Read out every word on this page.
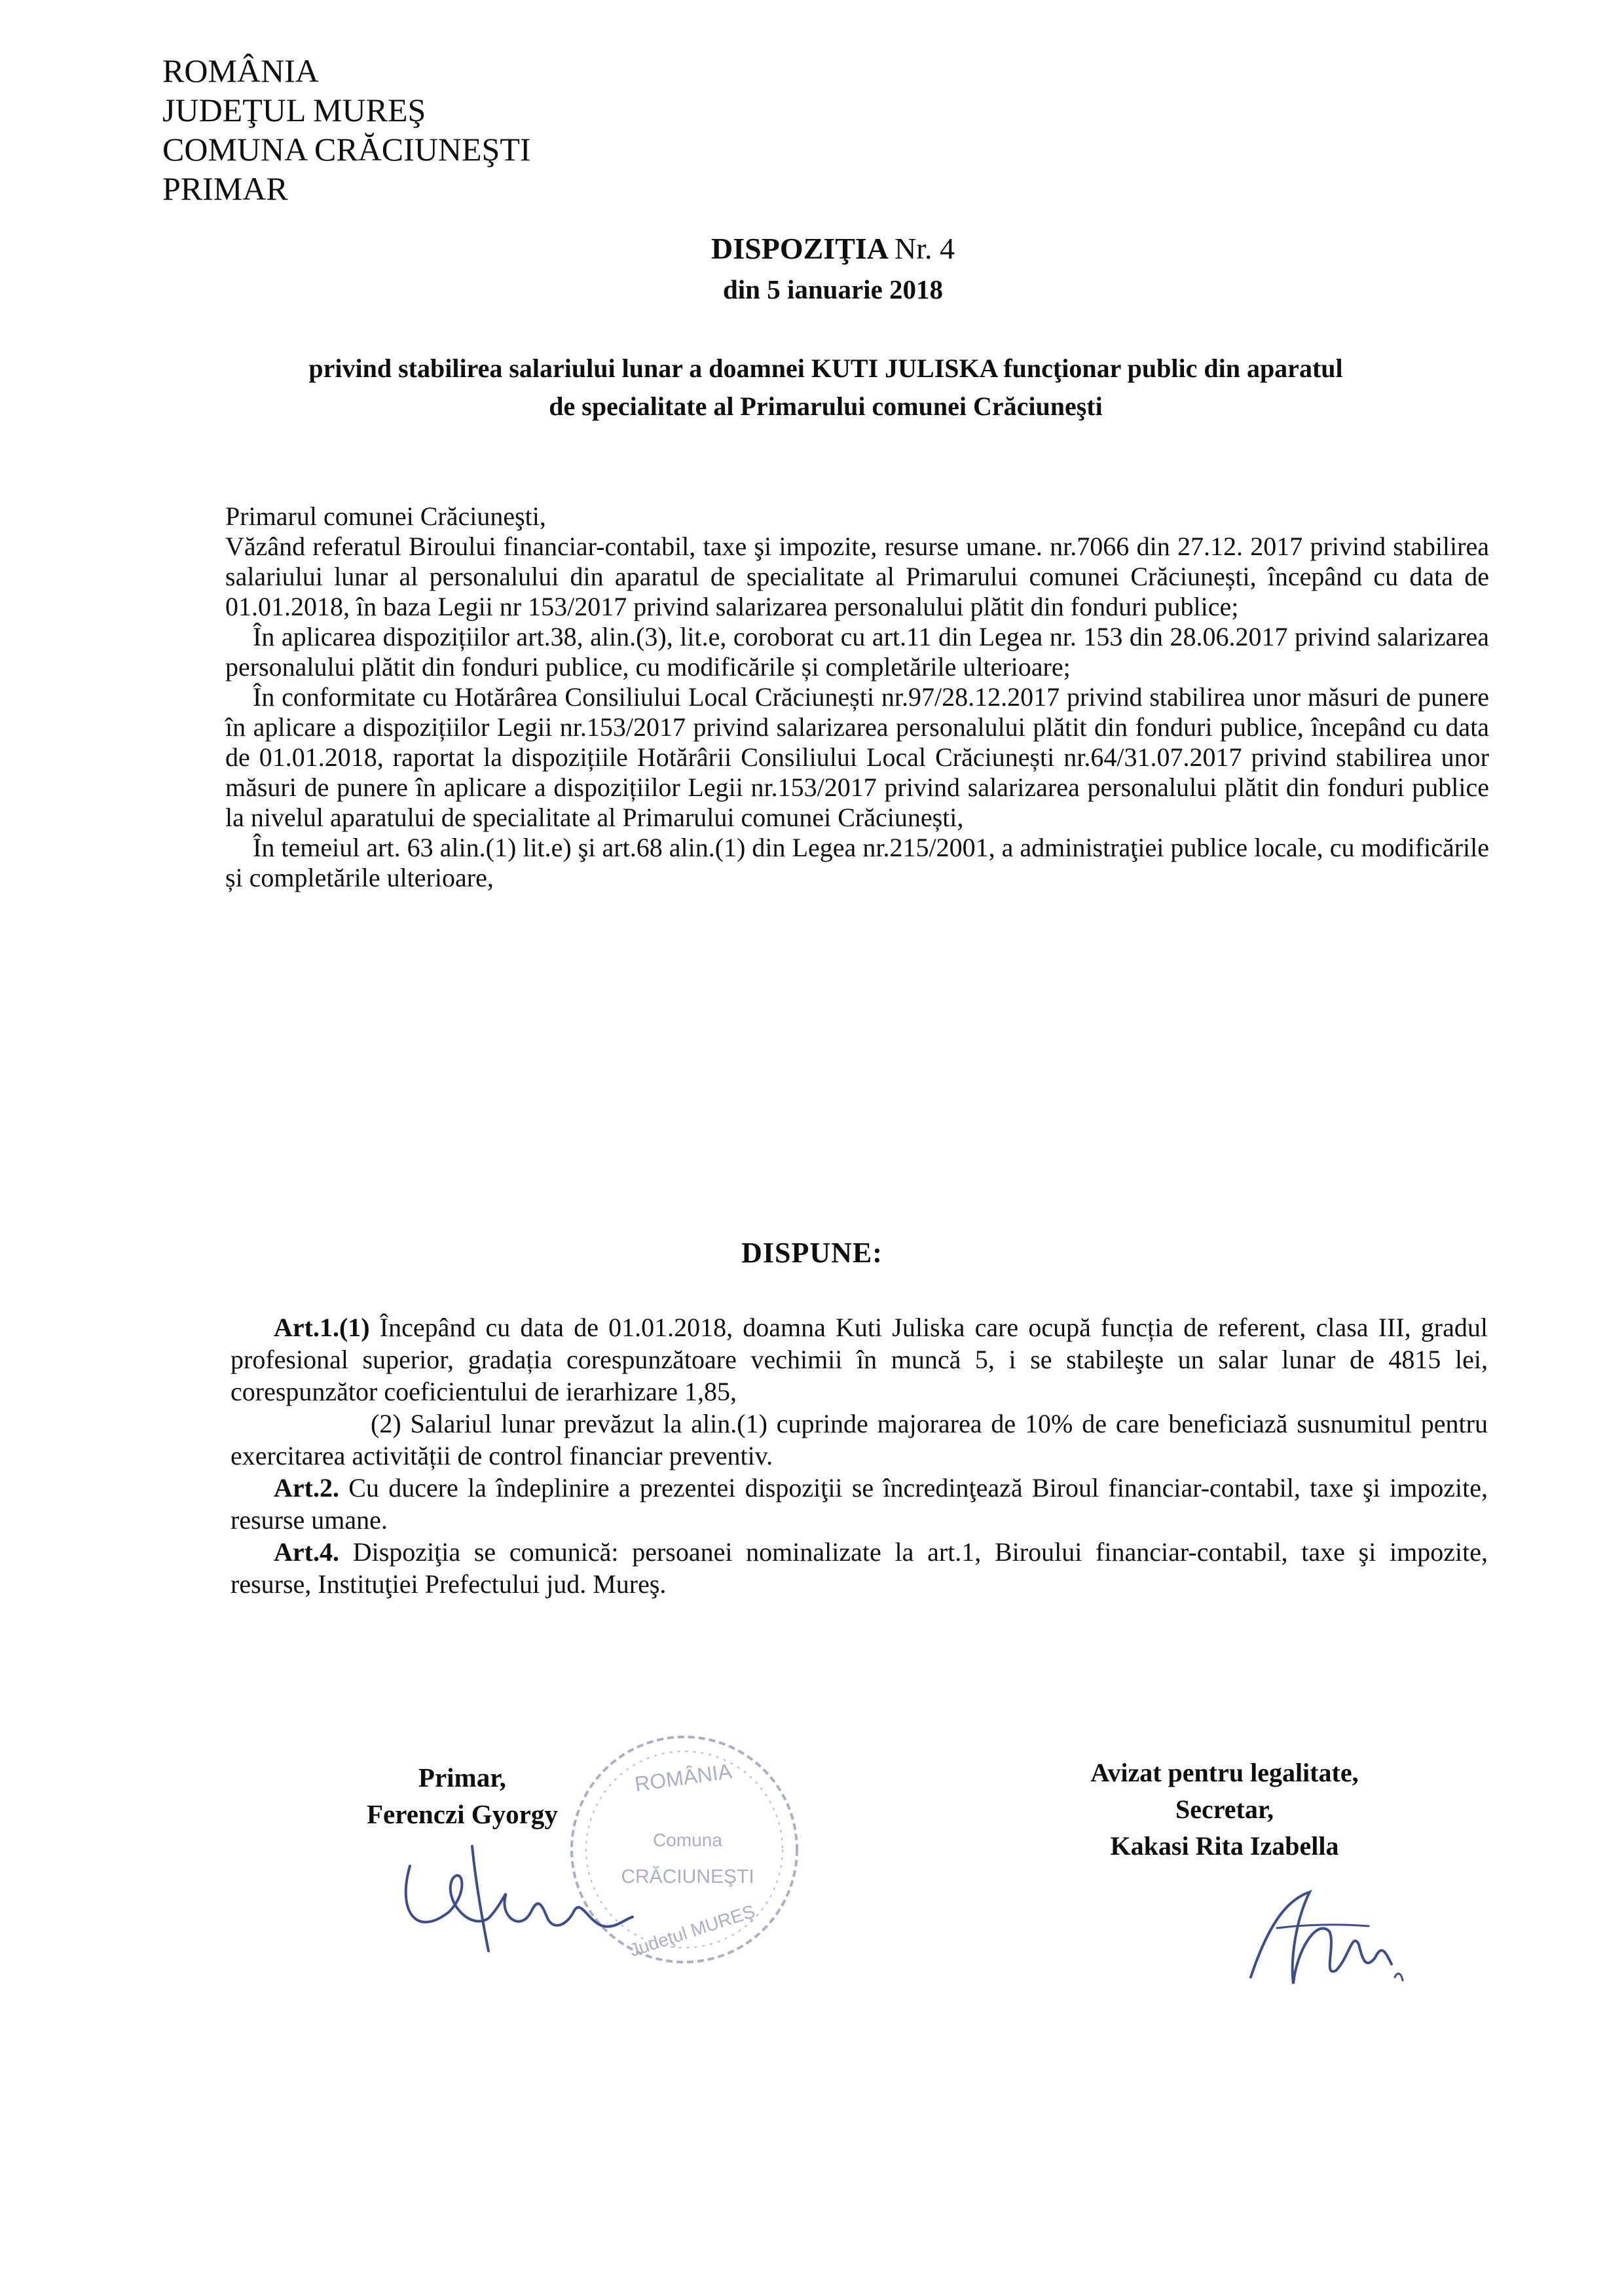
ROMÂNIA
JUDEŢUL MUREŞ
COMUNA CRĂCIUNEŞTI
PRIMAR
DISPOZIŢIA Nr. 4
din 5 ianuarie 2018
privind stabilirea salariului lunar a doamnei KUTI JULISKA funcţionar public din aparatul
de specialitate al Primarului comunei Crăciuneşti

Primarul comunei Crăciuneşti,

Văzând referatul Biroului financiar-contabil, taxe şi impozite, resurse umane. nr.7066 din 27.12. 2017 privind stabilirea salariului lunar al personalului din aparatul de specialitate al Primarului comunei Crăciunești, începând cu data de 01.01.2018, în baza Legii nr 153/2017 privind salarizarea personalului plătit din fonduri publice;

În aplicarea dispozițiilor art.38, alin.(3), lit.e, coroborat cu art.11 din Legea nr. 153 din 28.06.2017 privind salarizarea personalului plătit din fonduri publice, cu modificările și completările ulterioare;

În conformitate cu Hotărârea Consiliului Local Crăciunești nr.97/28.12.2017 privind stabilirea unor măsuri de punere în aplicare a dispozițiilor Legii nr.153/2017 privind salarizarea personalului plătit din fonduri publice, începând cu data de 01.01.2018, raportat la dispozițiile Hotărârii Consiliului Local Crăciunești nr.64/31.07.2017 privind stabilirea unor măsuri de punere în aplicare a dispozițiilor Legii nr.153/2017 privind salarizarea personalului plătit din fonduri publice la nivelul aparatului de specialitate al Primarului comunei Crăciunești,

În temeiul art. 63 alin.(1) lit.e) şi art.68 alin.(1) din Legea nr.215/2001, a administraţiei publice locale, cu modificările și completările ulterioare,

DISPUNE:

Art.1.(1) Începând cu data de 01.01.2018, doamna Kuti Juliska care ocupă funcția de referent, clasa III, gradul profesional superior, gradația corespunzătoare vechimii în muncă 5, i se stabileşte un salar lunar de 4815 lei, corespunzător coeficientului de ierarhizare 1,85,

(2) Salariul lunar prevăzut la alin.(1) cuprinde majorarea de 10% de care beneficiază susnumitul pentru exercitarea activității de control financiar preventiv.

Art.2. Cu ducere la îndeplinire a prezentei dispoziţii se încredinţează Biroul financiar-contabil, taxe şi impozite, resurse umane.

Art.4. Dispoziţia se comunică: persoanei nominalizate la art.1, Biroului financiar-contabil, taxe şi impozite, resurse, Instituţiei Prefectului jud. Mureş.

ROMÂNIA
Comuna
CRĂCIUNEŞTI
Judeţul MUREŞ
Primar,
Ferenczi Gyorgy
Avizat pentru legalitate,
Secretar,
Kakasi Rita Izabella
